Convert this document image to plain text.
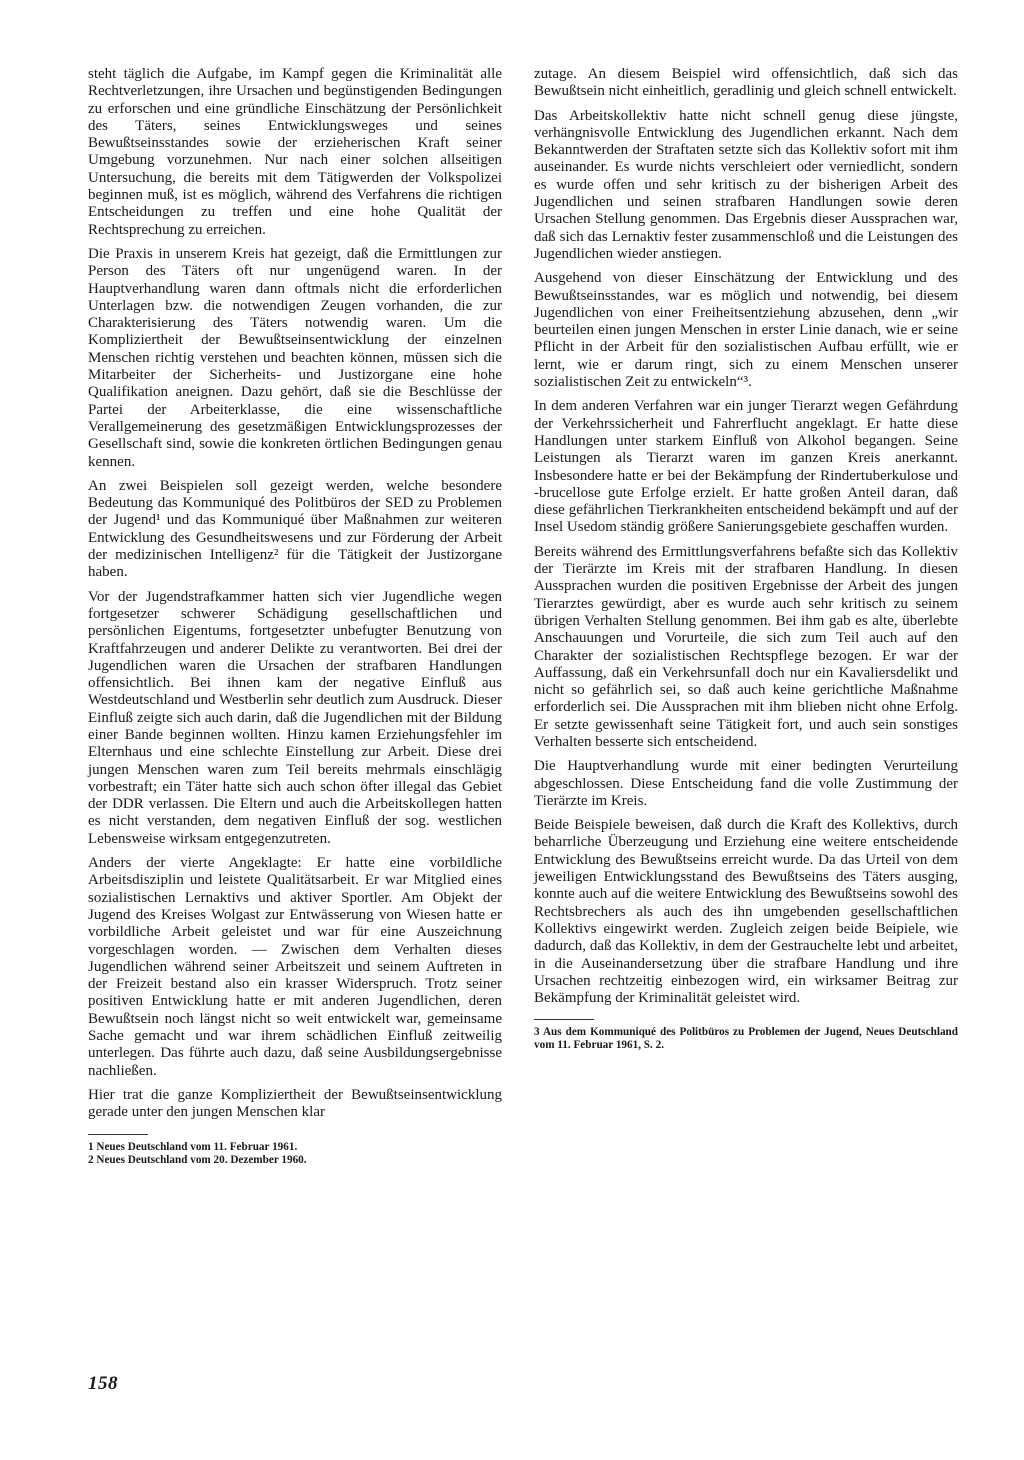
steht täglich die Aufgabe, im Kampf gegen die Kriminalität alle Rechtverletzungen, ihre Ursachen und begünstigenden Bedingungen zu erforschen und eine gründliche Einschätzung der Persönlichkeit des Täters, seines Entwicklungsweges und seines Bewußtseinsstandes sowie der erzieherischen Kraft seiner Umgebung vorzunehmen. Nur nach einer solchen allseitigen Untersuchung, die bereits mit dem Tätigwerden der Volkspolizei beginnen muß, ist es möglich, während des Verfahrens die richtigen Entscheidungen zu treffen und eine hohe Qualität der Rechtsprechung zu erreichen.

Die Praxis in unserem Kreis hat gezeigt, daß die Ermittlungen zur Person des Täters oft nur ungenügend waren. In der Hauptverhandlung waren dann oftmals nicht die erforderlichen Unterlagen bzw. die notwendigen Zeugen vorhanden, die zur Charakterisierung des Täters notwendig waren. Um die Kompliziertheit der Bewußtseinsentwicklung der einzelnen Menschen richtig verstehen und beachten können, müssen sich die Mitarbeiter der Sicherheits- und Justizorgane eine hohe Qualifikation aneignen. Dazu gehört, daß sie die Beschlüsse der Partei der Arbeiterklasse, die eine wissenschaftliche Verallgemeinerung des gesetzmäßigen Entwicklungsprozesses der Gesellschaft sind, sowie die konkreten örtlichen Bedingungen genau kennen.

An zwei Beispielen soll gezeigt werden, welche besondere Bedeutung das Kommuniqué des Politbüros der SED zu Problemen der Jugend¹ und das Kommuniqué über Maßnahmen zur weiteren Entwicklung des Gesundheitswesens und zur Förderung der Arbeit der medizinischen Intelligenz² für die Tätigkeit der Justizorgane haben.

Vor der Jugendstrafkammer hatten sich vier Jugendliche wegen fortgesetzer schwerer Schädigung gesellschaftlichen und persönlichen Eigentums, fortgesetzter unbefugter Benutzung von Kraftfahrzeugen und anderer Delikte zu verantworten. Bei drei der Jugendlichen waren die Ursachen der strafbaren Handlungen offensichtlich. Bei ihnen kam der negative Einfluß aus Westdeutschland und Westberlin sehr deutlich zum Ausdruck. Dieser Einfluß zeigte sich auch darin, daß die Jugendlichen mit der Bildung einer Bande beginnen wollten. Hinzu kamen Erziehungsfehler im Elternhaus und eine schlechte Einstellung zur Arbeit. Diese drei jungen Menschen waren zum Teil bereits mehrmals einschlägig vorbestraft; ein Täter hatte sich auch schon öfter illegal das Gebiet der DDR verlassen. Die Eltern und auch die Arbeitskollegen hatten es nicht verstanden, dem negativen Einfluß der sog. westlichen Lebensweise wirksam entgegenzutreten.

Anders der vierte Angeklagte: Er hatte eine vorbildliche Arbeitsdisziplin und leistete Qualitätsarbeit. Er war Mitglied eines sozialistischen Lernaktivs und aktiver Sportler. Am Objekt der Jugend des Kreises Wolgast zur Entwässerung von Wiesen hatte er vorbildliche Arbeit geleistet und war für eine Auszeichnung vorgeschlagen worden. — Zwischen dem Verhalten dieses Jugendlichen während seiner Arbeitszeit und seinem Auftreten in der Freizeit bestand also ein krasser Widerspruch. Trotz seiner positiven Entwicklung hatte er mit anderen Jugendlichen, deren Bewußtsein noch längst nicht so weit entwickelt war, gemeinsame Sache gemacht und war ihrem schädlichen Einfluß zeitweilig unterlegen. Das führte auch dazu, daß seine Ausbildungsergebnisse nachließen.

Hier trat die ganze Kompliziertheit der Bewußtseinsentwicklung gerade unter den jungen Menschen klar

1 Neues Deutschland vom 11. Februar 1961.

2 Neues Deutschland vom 20. Dezember 1960.

zutage. An diesem Beispiel wird offensichtlich, daß sich das Bewußtsein nicht einheitlich, geradlinig und gleich schnell entwickelt.

Das Arbeitskollektiv hatte nicht schnell genug diese jüngste, verhängnisvolle Entwicklung des Jugendlichen erkannt. Nach dem Bekanntwerden der Straftaten setzte sich das Kollektiv sofort mit ihm auseinander. Es wurde nichts verschleiert oder verniedlicht, sondern es wurde offen und sehr kritisch zu der bisherigen Arbeit des Jugendlichen und seinen strafbaren Handlungen sowie deren Ursachen Stellung genommen. Das Ergebnis dieser Aussprachen war, daß sich das Lernaktiv fester zusammenschloß und die Leistungen des Jugendlichen wieder anstiegen.

Ausgehend von dieser Einschätzung der Entwicklung und des Bewußtseinsstandes, war es möglich und notwendig, bei diesem Jugendlichen von einer Freiheitsentziehung abzusehen, denn „wir beurteilen einen jungen Menschen in erster Linie danach, wie er seine Pflicht in der Arbeit für den sozialistischen Aufbau erfüllt, wie er lernt, wie er darum ringt, sich zu einem Menschen unserer sozialistischen Zeit zu entwickeln“³.

In dem anderen Verfahren war ein junger Tierarzt wegen Gefährdung der Verkehrssicherheit und Fahrerflucht angeklagt. Er hatte diese Handlungen unter starkem Einfluß von Alkohol begangen. Seine Leistungen als Tierarzt waren im ganzen Kreis anerkannt. Insbesondere hatte er bei der Bekämpfung der Rindertuberkulose und -brucellose gute Erfolge erzielt. Er hatte großen Anteil daran, daß diese gefährlichen Tierkrankheiten entscheidend bekämpft und auf der Insel Usedom ständig größere Sanierungsgebiete geschaffen wurden.

Bereits während des Ermittlungsverfahrens befaßte sich das Kollektiv der Tierärzte im Kreis mit der strafbaren Handlung. In diesen Aussprachen wurden die positiven Ergebnisse der Arbeit des jungen Tierarztes gewürdigt, aber es wurde auch sehr kritisch zu seinem übrigen Verhalten Stellung genommen. Bei ihm gab es alte, überlebte Anschauungen und Vorurteile, die sich zum Teil auch auf den Charakter der sozialistischen Rechtspflege bezogen. Er war der Auffassung, daß ein Verkehrsunfall doch nur ein Kavaliersdelikt und nicht so gefährlich sei, so daß auch keine gerichtliche Maßnahme erforderlich sei. Die Aussprachen mit ihm blieben nicht ohne Erfolg. Er setzte gewissenhaft seine Tätigkeit fort, und auch sein sonstiges Verhalten besserte sich entscheidend.

Die Hauptverhandlung wurde mit einer bedingten Verurteilung abgeschlossen. Diese Entscheidung fand die volle Zustimmung der Tierärzte im Kreis.

Beide Beispiele beweisen, daß durch die Kraft des Kollektivs, durch beharrliche Überzeugung und Erziehung eine weitere entscheidende Entwicklung des Bewußtseins erreicht wurde. Da das Urteil von dem jeweiligen Entwicklungsstand des Bewußtseins des Täters ausging, konnte auch auf die weitere Entwicklung des Bewußtseins sowohl des Rechtsbrechers als auch des ihn umgebenden gesellschaftlichen Kollektivs eingewirkt werden. Zugleich zeigen beide Beipiele, wie dadurch, daß das Kollektiv, in dem der Gestrauchelte lebt und arbeitet, in die Auseinandersetzung über die strafbare Handlung und ihre Ursachen rechtzeitig einbezogen wird, ein wirksamer Beitrag zur Bekämpfung der Kriminalität geleistet wird.

3 Aus dem Kommuniqué des Politbüros zu Problemen der Jugend, Neues Deutschland vom 11. Februar 1961, S. 2.

158
